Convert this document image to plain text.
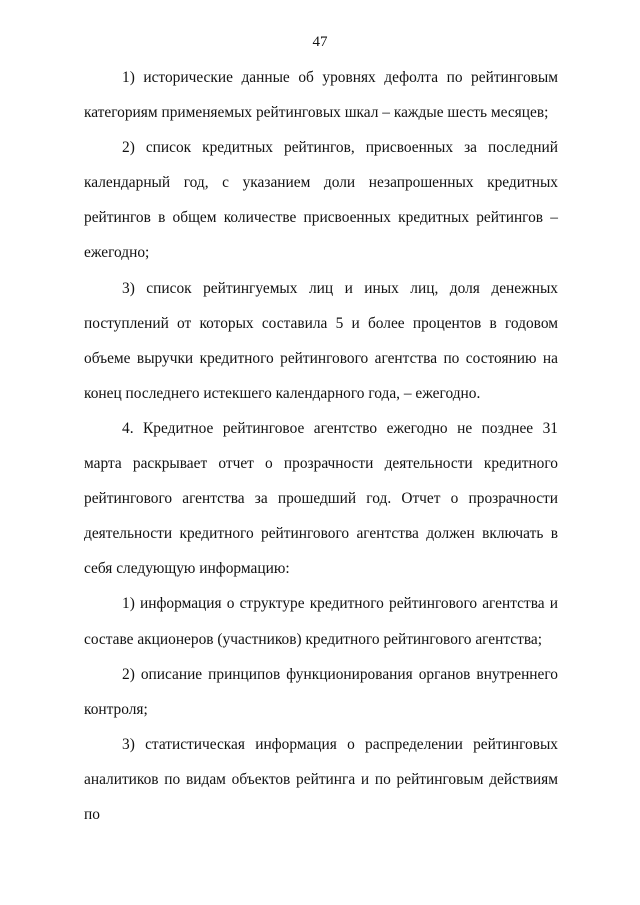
47

1) исторические данные об уровнях дефолта по рейтинговым категориям применяемых рейтинговых шкал – каждые шесть месяцев;

2) список кредитных рейтингов, присвоенных за последний календарный год, с указанием доли незапрошенных кредитных рейтингов в общем количестве присвоенных кредитных рейтингов – ежегодно;

3) список рейтингуемых лиц и иных лиц, доля денежных поступлений от которых составила 5 и более процентов в годовом объеме выручки кредитного рейтингового агентства по состоянию на конец последнего истекшего календарного года, – ежегодно.

4. Кредитное рейтинговое агентство ежегодно не позднее 31 марта раскрывает отчет о прозрачности деятельности кредитного рейтингового агентства за прошедший год. Отчет о прозрачности деятельности кредитного рейтингового агентства должен включать в себя следующую информацию:

1) информация о структуре кредитного рейтингового агентства и составе акционеров (участников) кредитного рейтингового агентства;

2) описание принципов функционирования органов внутреннего контроля;

3) статистическая информация о распределении рейтинговых аналитиков по видам объектов рейтинга и по рейтинговым действиям по
